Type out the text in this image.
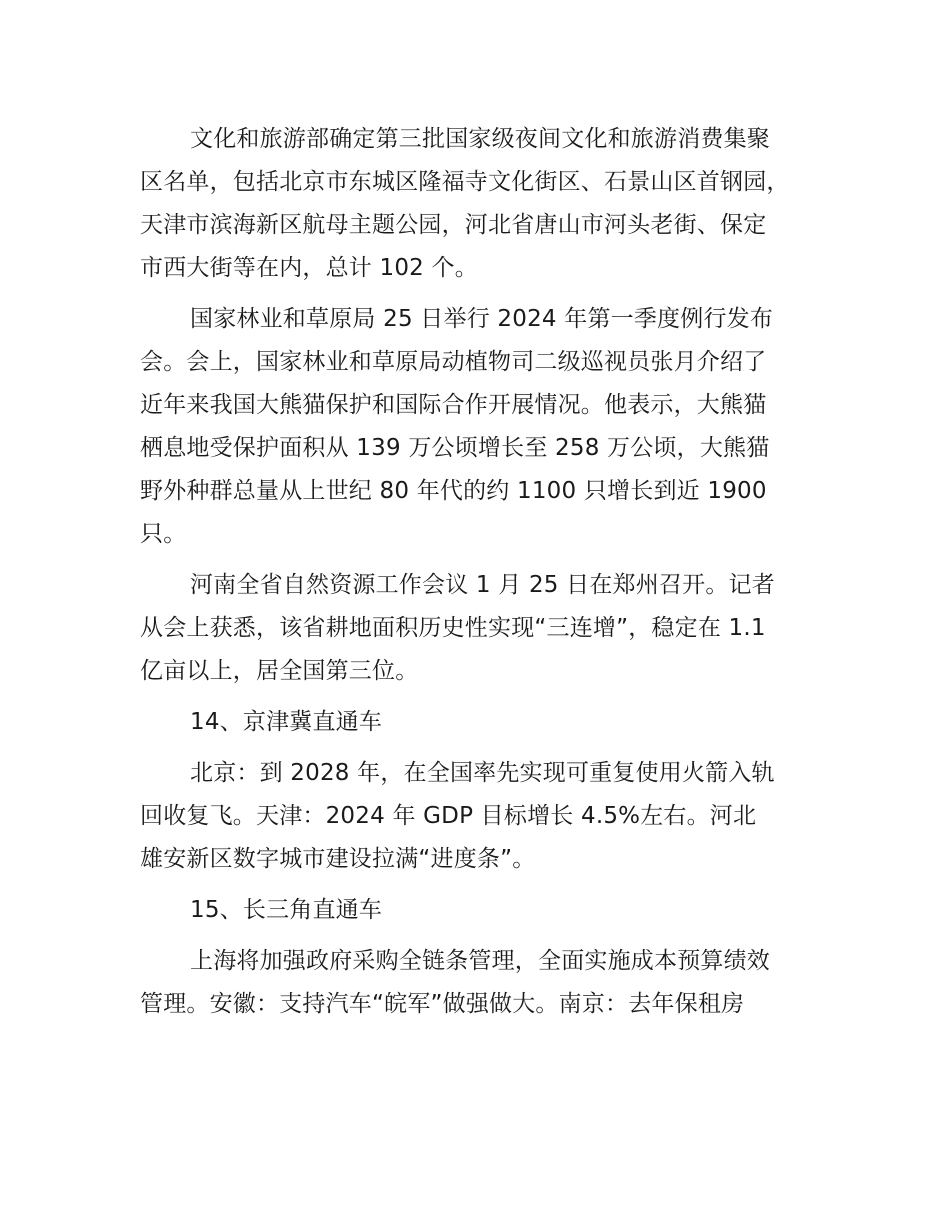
文化和旅游部确定第三批国家级夜间文化和旅游消费集聚
区名单，包括北京市东城区隆福寺文化街区、石景山区首钢园，
天津市滨海新区航母主题公园，河北省唐山市河头老街、保定
市西大街等在内，总计 102 个。
国家林业和草原局 25 日举行 2024 年第一季度例行发布
会。会上，国家林业和草原局动植物司二级巡视员张月介绍了
近年来我国大熊猫保护和国际合作开展情况。他表示，大熊猫
栖息地受保护面积从 139 万公顷增长至 258 万公顷，大熊猫
野外种群总量从上世纪 80 年代的约 1100 只增长到近 1900
只。
河南全省自然资源工作会议 1 月 25 日在郑州召开。记者
从会上获悉，该省耕地面积历史性实现“三连增”，稳定在 1.1
亿亩以上，居全国第三位。
14、京津冀直通车
北京：到 2028 年，在全国率先实现可重复使用火箭入轨
回收复飞。天津：2024 年 GDP 目标增长 4.5%左右。河北
雄安新区数字城市建设拉满“进度条”。
15、长三角直通车
上海将加强政府采购全链条管理，全面实施成本预算绩效
管理。安徽：支持汽车“皖军”做强做大。南京：去年保租房
